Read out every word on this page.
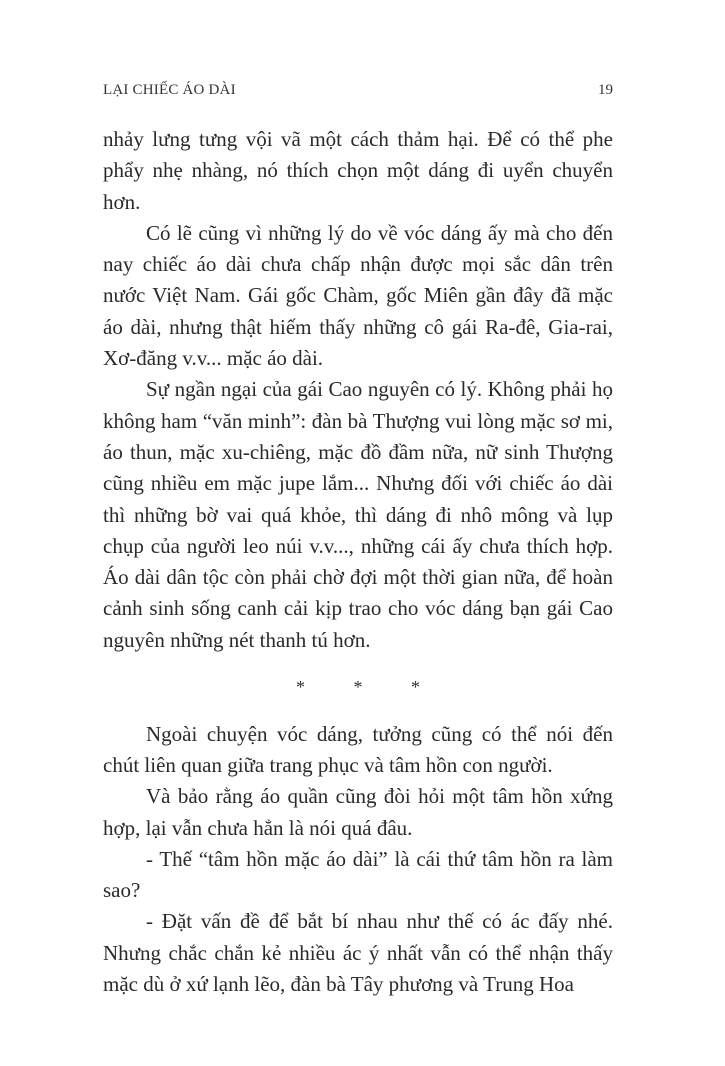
LẠI CHIẾC ÁO DÀI	19

nhảy lưng tưng vội vã một cách thảm hại. Để có thể phe phẩy nhẹ nhàng, nó thích chọn một dáng đi uyển chuyển hơn.

Có lẽ cũng vì những lý do về vóc dáng ấy mà cho đến nay chiếc áo dài chưa chấp nhận được mọi sắc dân trên nước Việt Nam. Gái gốc Chàm, gốc Miên gần đây đã mặc áo dài, nhưng thật hiếm thấy những cô gái Ra-đê, Gia-rai, Xơ-đăng v.v... mặc áo dài.

Sự ngần ngại của gái Cao nguyên có lý. Không phải họ không ham “văn minh”: đàn bà Thượng vui lòng mặc sơ mi, áo thun, mặc xu-chiêng, mặc đồ đầm nữa, nữ sinh Thượng cũng nhiều em mặc jupe lắm... Nhưng đối với chiếc áo dài thì những bờ vai quá khỏe, thì dáng đi nhô mông và lụp chụp của người leo núi v.v..., những cái ấy chưa thích hợp. Áo dài dân tộc còn phải chờ đợi một thời gian nữa, để hoàn cảnh sinh sống canh cải kịp trao cho vóc dáng bạn gái Cao nguyên những nét thanh tú hơn.

* * *

Ngoài chuyện vóc dáng, tưởng cũng có thể nói đến chút liên quan giữa trang phục và tâm hồn con người.

Và bảo rằng áo quần cũng đòi hỏi một tâm hồn xứng hợp, lại vẫn chưa hẳn là nói quá đâu.

- Thế “tâm hồn mặc áo dài” là cái thứ tâm hồn ra làm sao?

- Đặt vấn đề để bắt bí nhau như thế có ác đấy nhé. Nhưng chắc chắn kẻ nhiều ác ý nhất vẫn có thể nhận thấy mặc dù ở xứ lạnh lẽo, đàn bà Tây phương và Trung Hoa
